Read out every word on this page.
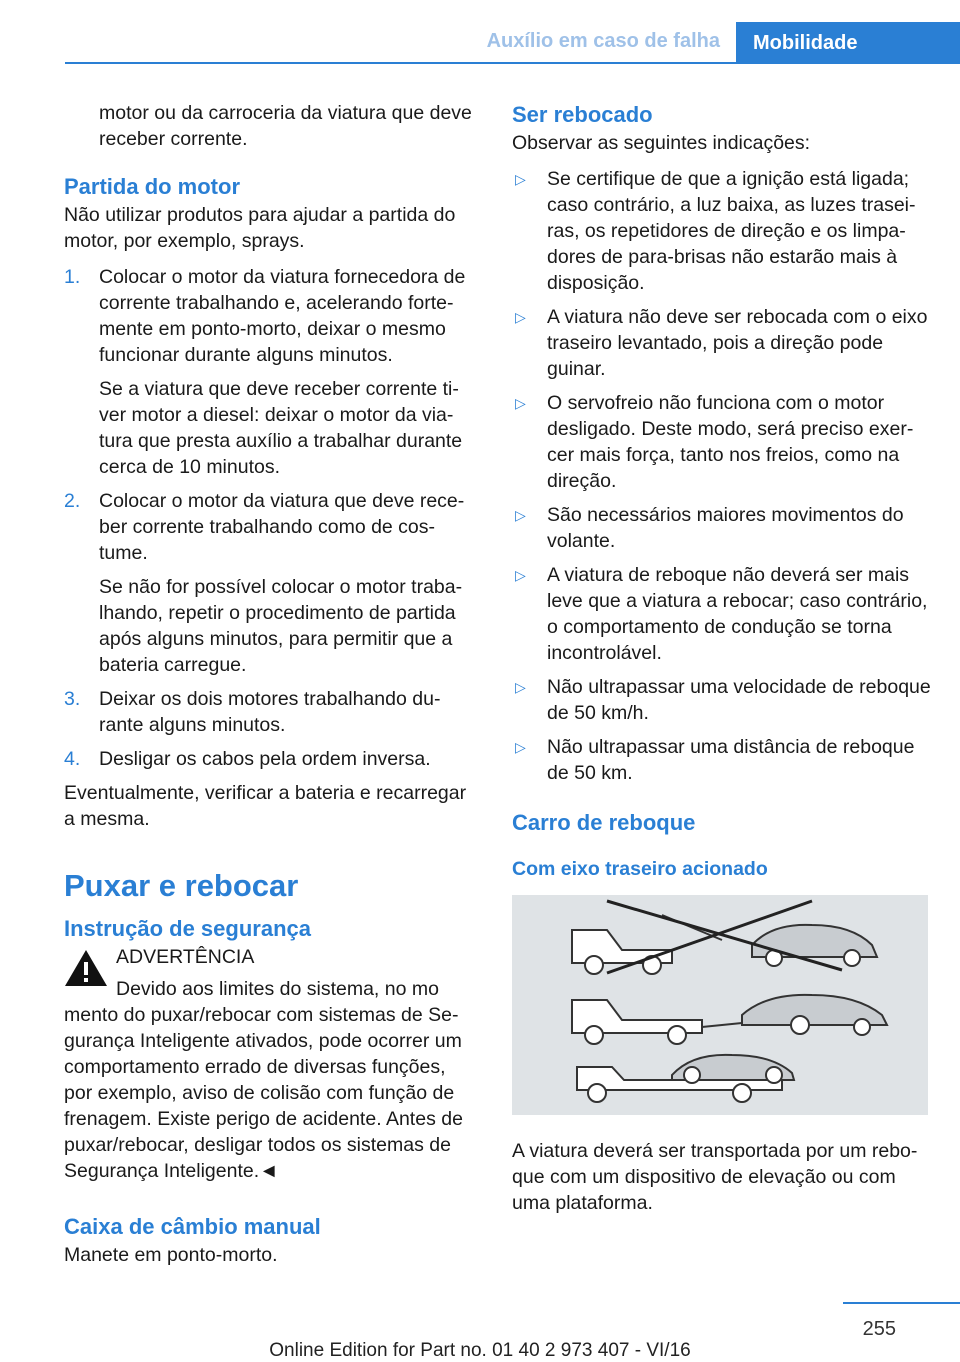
Auxílio em caso de falha	Mobilidade

motor ou da carroceria da viatura que deve receber corrente.

Partida do motor

Não utilizar produtos para ajudar a partida do motor, por exemplo, sprays.

1. Colocar o motor da viatura fornecedora de corrente trabalhando e, acelerando fortemente em ponto-morto, deixar o mesmo funcionar durante alguns minutos.
Se a viatura que deve receber corrente tiver motor a diesel: deixar o motor da viatura que presta auxílio a trabalhar durante cerca de 10 minutos.
2. Colocar o motor da viatura que deve receber corrente trabalhando como de costume.
Se não for possível colocar o motor trabalhando, repetir o procedimento de partida após alguns minutos, para permitir que a bateria carregue.
3. Deixar os dois motores trabalhando durante alguns minutos.
4. Desligar os cabos pela ordem inversa.

Eventualmente, verificar a bateria e recarregar a mesma.

Puxar e rebocar
Instrução de segurança
ADVERTÊNCIA
Devido aos limites do sistema, no mo
mento do puxar/rebocar com sistemas de Segurança Inteligente ativados, pode ocorrer um comportamento errado de diversas funções, por exemplo, aviso de colisão com função de frenagem. Existe perigo de acidente. Antes de puxar/rebocar, desligar todos os sistemas de Segurança Inteligente.◄
Caixa de câmbio manual

Manete em ponto-morto.

Ser rebocado

Observar as seguintes indicações:

▷ Se certifique de que a ignição está ligada; caso contrário, a luz baixa, as luzes traseiras, os repetidores de direção e os limpadores de para-brisas não estarão mais à disposição.
▷ A viatura não deve ser rebocada com o eixo traseiro levantado, pois a direção pode guinar.
▷ O servofreio não funciona com o motor desligado. Deste modo, será preciso exercer mais força, tanto nos freios, como na direção.
▷ São necessários maiores movimentos do volante.
▷ A viatura de reboque não deverá ser mais leve que a viatura a rebocar; caso contrário, o comportamento de condução se torna incontrolável.
▷ Não ultrapassar uma velocidade de reboque de 50 km/h.
▷ Não ultrapassar uma distância de reboque de 50 km.
Carro de reboque
Com eixo traseiro acionado

A viatura deverá ser transportada por um reboque com um dispositivo de elevação ou com uma plataforma.

255
Online Edition for Part no. 01 40 2 973 407 - VI/16
